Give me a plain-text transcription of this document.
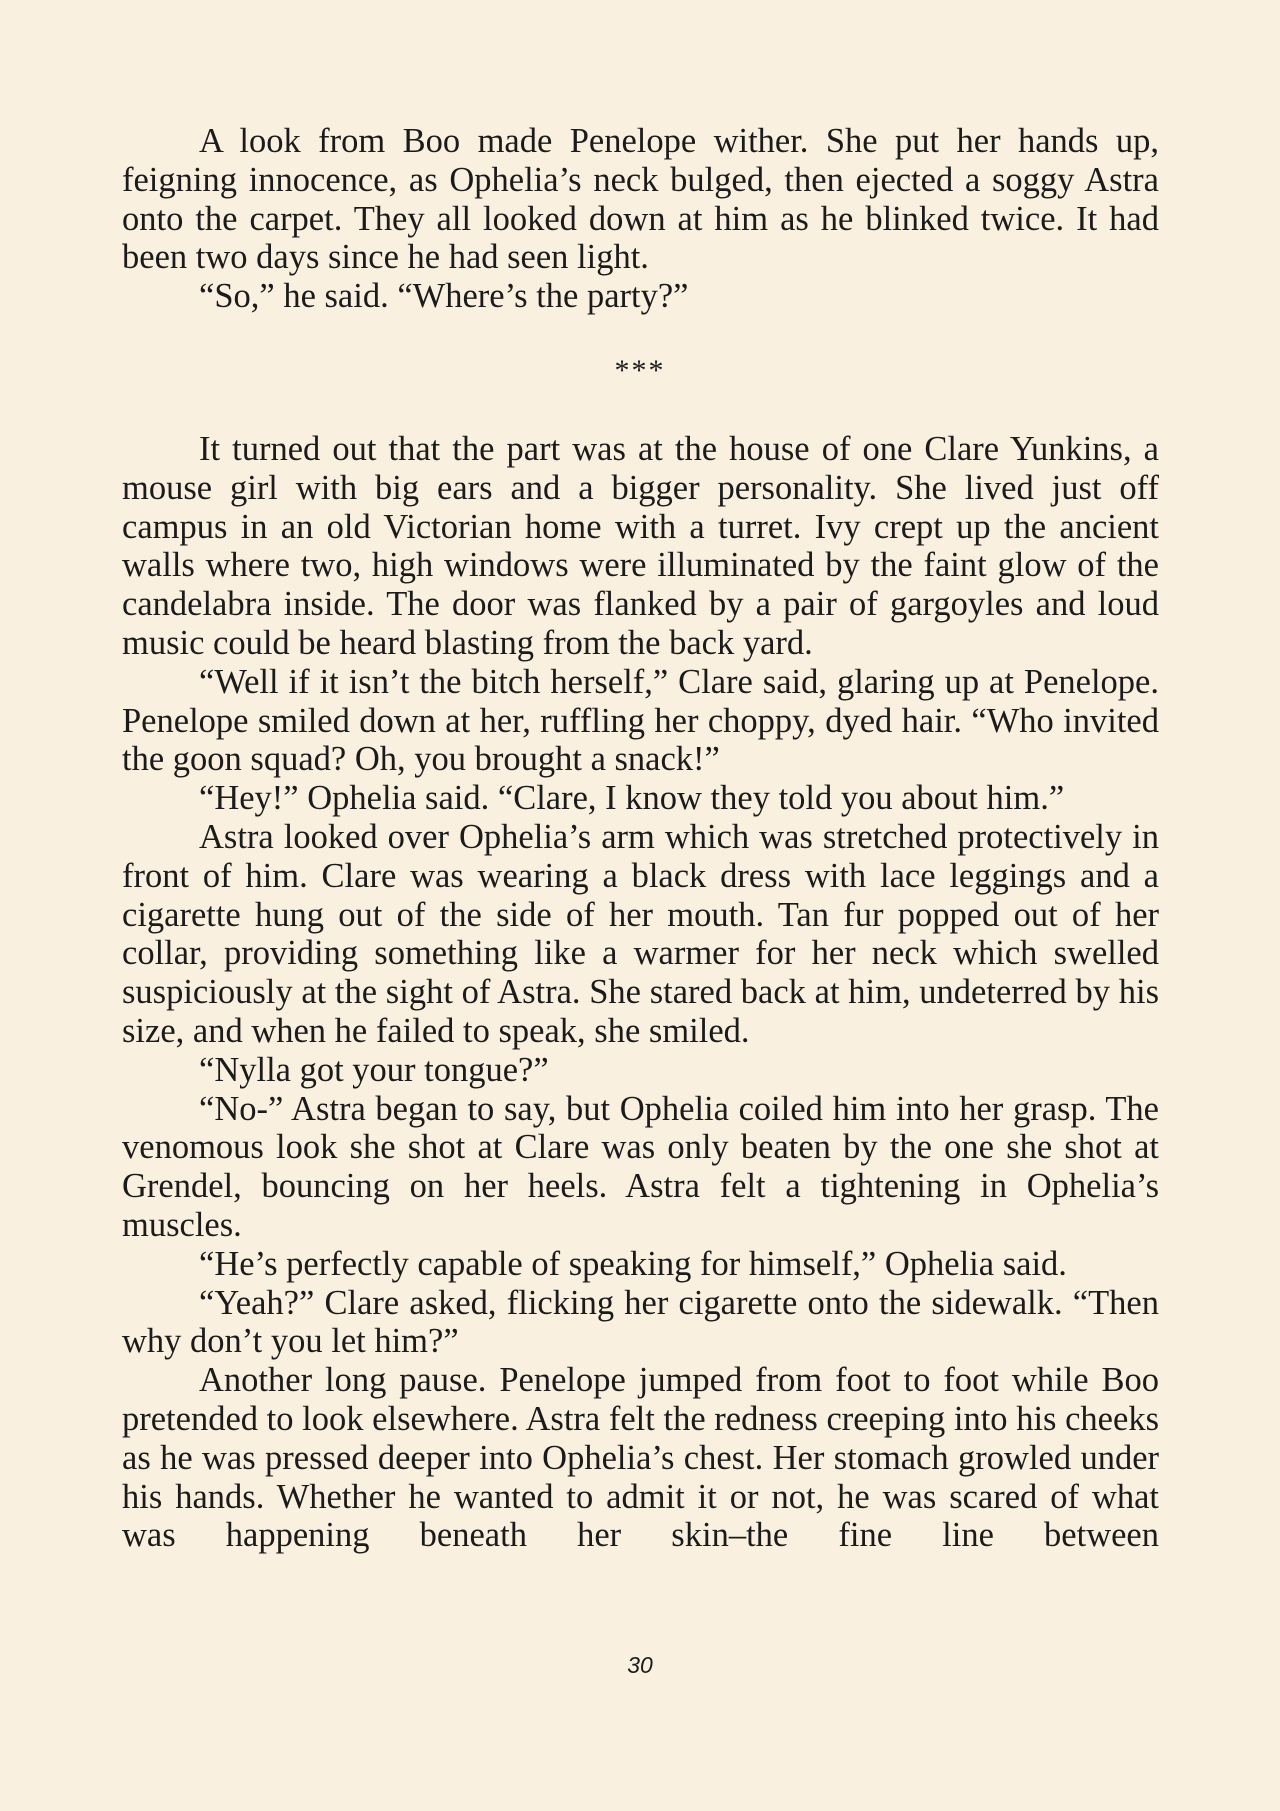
A look from Boo made Penelope wither. She put her hands up, feigning innocence, as Ophelia’s neck bulged, then ejected a soggy Astra onto the carpet. They all looked down at him as he blinked twice. It had been two days since he had seen light.

“So,” he said. “Where’s the party?”

***

It turned out that the part was at the house of one Clare Yunkins, a mouse girl with big ears and a bigger personality. She lived just off campus in an old Victorian home with a turret. Ivy crept up the ancient walls where two, high windows were illuminated by the faint glow of the candelabra inside. The door was flanked by a pair of gargoyles and loud music could be heard blasting from the back yard.

“Well if it isn’t the bitch herself,” Clare said, glaring up at Penelope. Penelope smiled down at her, ruffling her choppy, dyed hair. “Who invited the goon squad? Oh, you brought a snack!”

“Hey!” Ophelia said. “Clare, I know they told you about him.”

Astra looked over Ophelia’s arm which was stretched protectively in front of him. Clare was wearing a black dress with lace leggings and a cigarette hung out of the side of her mouth. Tan fur popped out of her collar, providing something like a warmer for her neck which swelled suspiciously at the sight of Astra. She stared back at him, undeterred by his size, and when he failed to speak, she smiled.

“Nylla got your tongue?”

“No-” Astra began to say, but Ophelia coiled him into her grasp. The venomous look she shot at Clare was only beaten by the one she shot at Grendel, bouncing on her heels. Astra felt a tightening in Ophelia’s muscles.

“He’s perfectly capable of speaking for himself,” Ophelia said.

“Yeah?” Clare asked, flicking her cigarette onto the sidewalk. “Then why don’t you let him?”

Another long pause. Penelope jumped from foot to foot while Boo pretended to look elsewhere. Astra felt the redness creeping into his cheeks as he was pressed deeper into Ophelia’s chest. Her stomach growled under his hands. Whether he wanted to admit it or not, he was scared of what was happening beneath her skin–the fine line between

30
